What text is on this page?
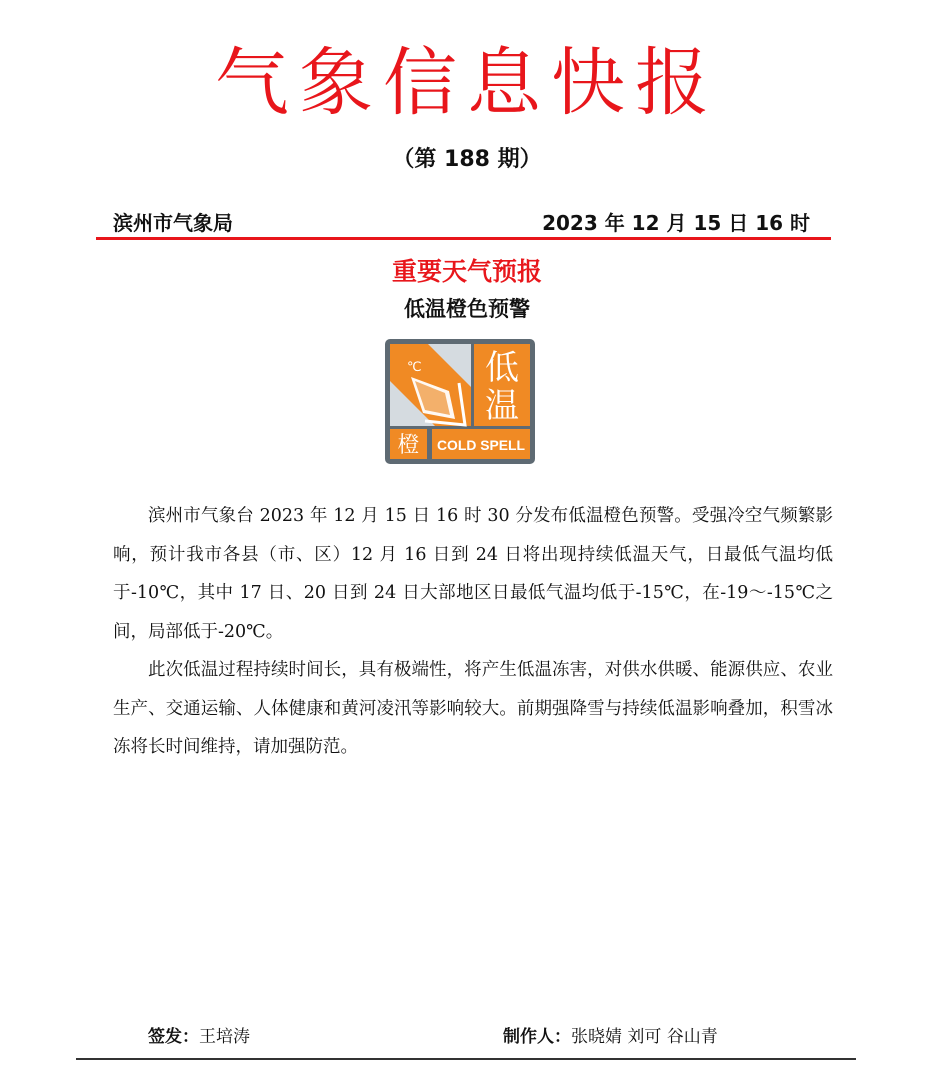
气象信息快报
（第 188 期）
滨州市气象局	2023 年 12 月 15 日 16 时
重要天气预报
低温橙色预警
℃ 低
温
橙 COLD SPELL

滨州市气象台 2023 年 12 月 15 日 16 时 30 分发布低温橙色预警。受强冷空气频繁影响，预计我市各县（市、区）12 月 16 日到 24 日将出现持续低温天气，日最低气温均低于-10℃，其中 17 日、20 日到 24 日大部地区日最低气温均低于-15℃，在-19～-15℃之间，局部低于-20℃。

此次低温过程持续时间长，具有极端性，将产生低温冻害，对供水供暖、能源供应、农业生产、交通运输、人体健康和黄河凌汛等影响较大。前期强降雪与持续低温影响叠加，积雪冰冻将长时间维持，请加强防范。

签发：王培涛	制作人：张晓婧 刘可 谷山青
